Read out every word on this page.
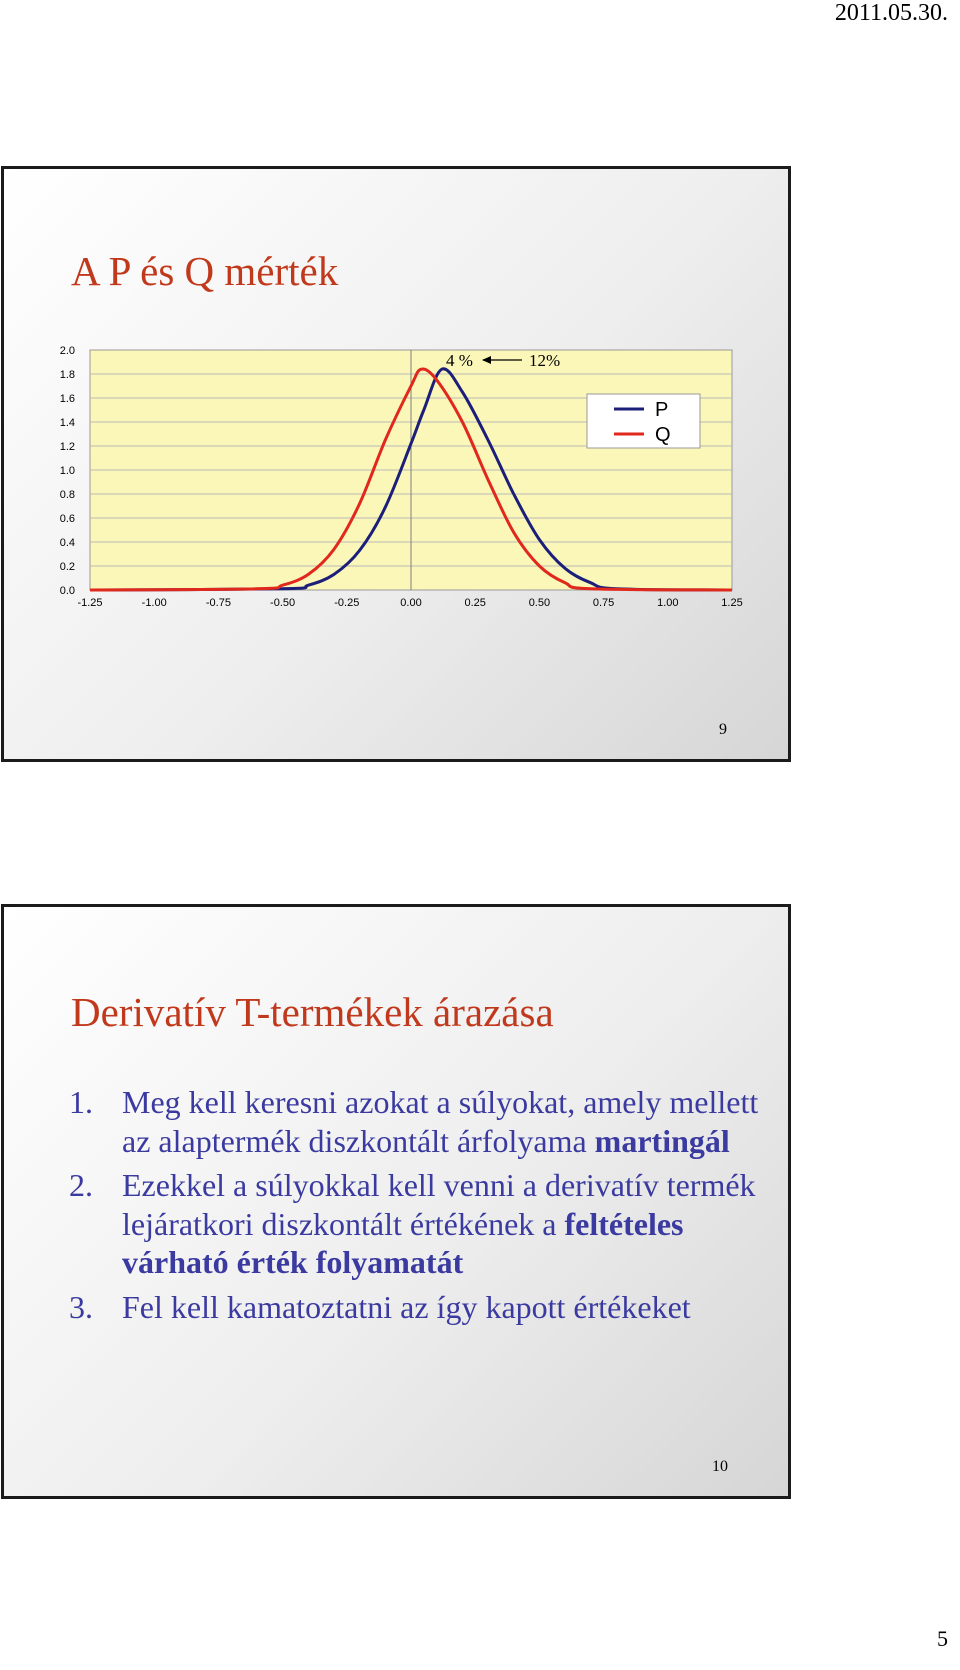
2011.05.30.
A P és Q mérték
0.0
0.2
0.4
0.6
0.8
1.0
1.2
1.4
1.6
1.8
2.0
-1.25	-1.00	-0.75	-0.50	-0.25	0.00	0.25	0.50	0.75	1.00	1.25
4 %	12%
P
Q
9
Derivatív T-termékek árazása
1. Meg kell keresni azokat a súlyokat, amely mellett az alaptermék diszkontált árfolyama martingál
2. Ezekkel a súlyokkal kell venni a derivatív termék lejáratkori diszkontált értékének a feltételes várható érték folyamatát
3. Fel kell kamatoztatni az így kapott értékeket
10
5
